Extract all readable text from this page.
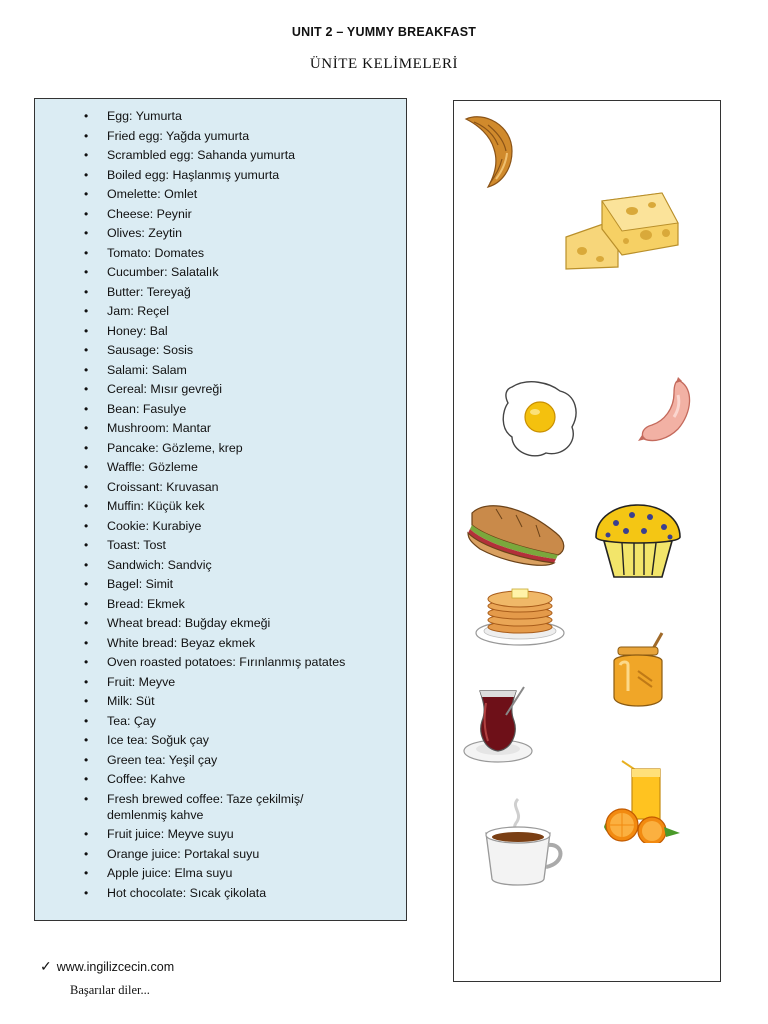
UNIT 2 – YUMMY BREAKFAST
ÜNİTE KELİMELERİ
• Egg: Yumurta
• Fried egg: Yağda yumurta
• Scrambled egg: Sahanda yumurta
• Boiled egg: Haşlanmış yumurta
• Omelette: Omlet
• Cheese: Peynir
• Olives: Zeytin
• Tomato: Domates
• Cucumber: Salatalık
• Butter: Tereyağ
• Jam: Reçel
• Honey: Bal
• Sausage: Sosis
• Salami: Salam
• Cereal: Mısır gevreği
• Bean: Fasulye
• Mushroom: Mantar
• Pancake: Gözleme, krep
• Waffle: Gözleme
• Croissant: Kruvasan
• Muffin: Küçük kek
• Cookie: Kurabiye
• Toast: Tost
• Sandwich: Sandviç
• Bagel: Simit
• Bread: Ekmek
• Wheat bread: Buğday ekmeği
• White bread: Beyaz ekmek
• Oven roasted potatoes: Fırınlanmış patates
• Fruit: Meyve
• Milk: Süt
• Tea: Çay
• Ice tea: Soğuk çay
• Green tea: Yeşil çay
• Coffee: Kahve
• Fresh brewed coffee: Taze çekilmiş/ demlenmiş kahve
• Fruit juice: Meyve suyu
• Orange juice: Portakal suyu
• Apple juice: Elma suyu
• Hot chocolate: Sıcak çikolata
✓ www.ingilizcecin.com
Başarılar diler...
